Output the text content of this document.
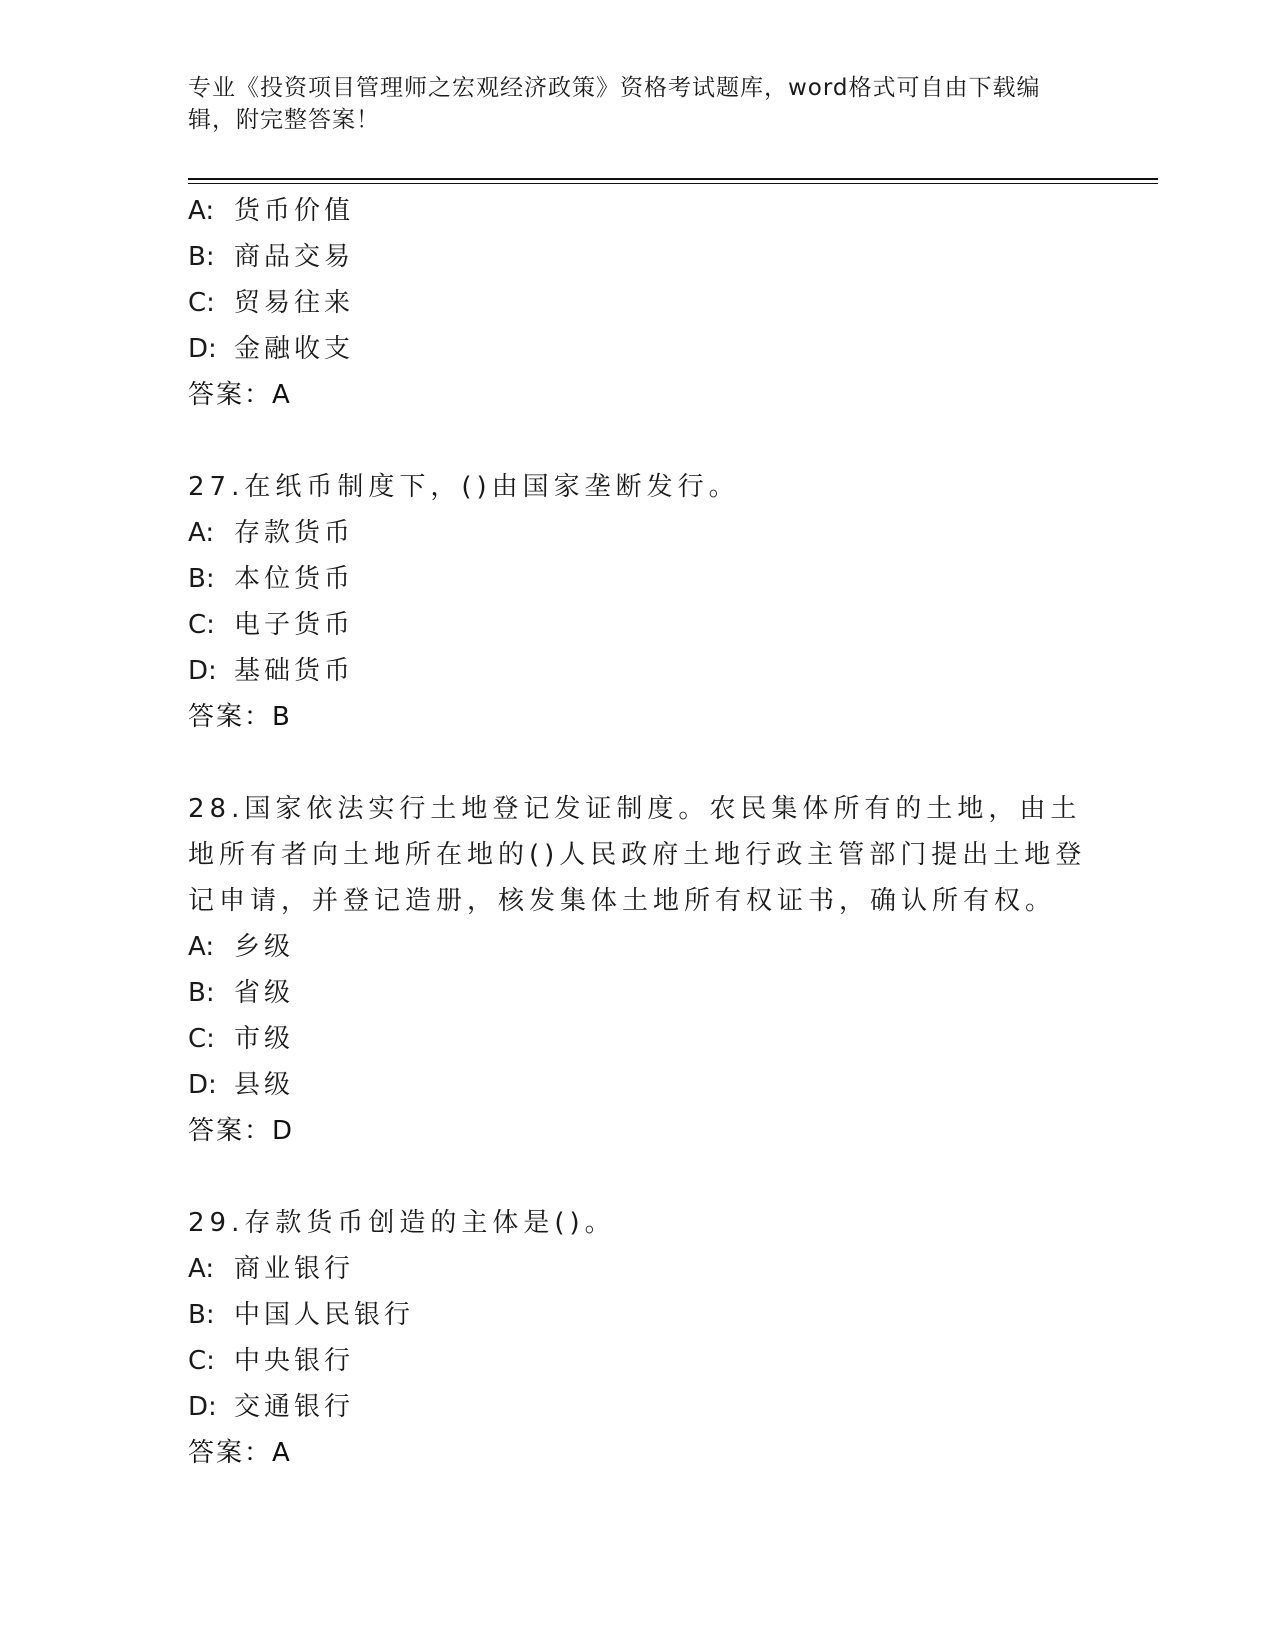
专业《投资项目管理师之宏观经济政策》资格考试题库，word格式可自由下载编辑，附完整答案！
A: 货币价值
B: 商品交易
C: 贸易往来
D: 金融收支
答案：A
27.在纸币制度下，()由国家垄断发行。
A: 存款货币
B: 本位货币
C: 电子货币
D: 基础货币
答案：B
28.国家依法实行土地登记发证制度。农民集体所有的土地，由土地所有者向土地所在地的()人民政府土地行政主管部门提出土地登记申请，并登记造册，核发集体土地所有权证书，确认所有权。
A: 乡级
B: 省级
C: 市级
D: 县级
答案：D
29.存款货币创造的主体是()。
A: 商业银行
B: 中国人民银行
C: 中央银行
D: 交通银行
答案：A
